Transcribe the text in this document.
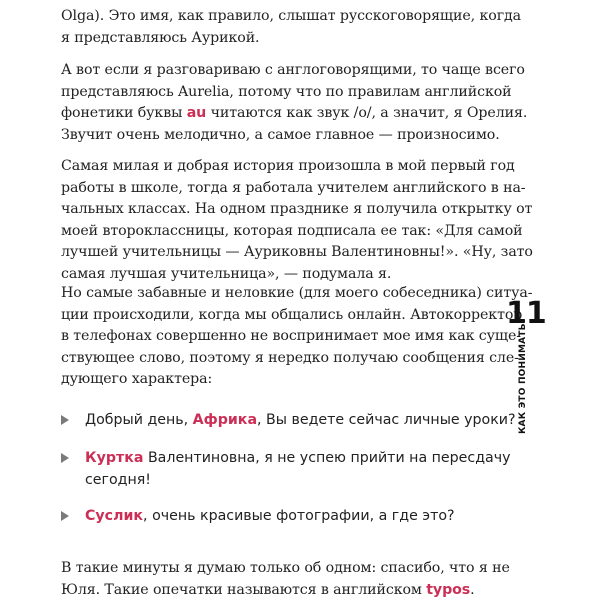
Olga). Это имя, как правило, слышат русскоговорящие, когда
я представляюсь Аурикой.
А вот если я разговариваю с англоговорящими, то чаще всего
представляюсь Aurelia, потому что по правилам английской
фонетики буквы au читаются как звук /о/, а значит, я Орелия.
Звучит очень мелодично, а самое главное — произносимо.
Самая милая и добрая история произошла в мой первый год
работы в школе, тогда я работала учителем английского в на-
чальных классах. На одном празднике я получила открытку от
моей второклассницы, которая подписала ее так: «Для самой
лучшей учительницы — Ауриковны Валентиновны!». «Ну, зато
самая лучшая учительница», — подумала я.
Но самые забавные и неловкие (для моего собеседника) ситуа-
ции происходили, когда мы общались онлайн. Автокорректор
в телефонах совершенно не воспринимает мое имя как суще-
ствующее слово, поэтому я нередко получаю сообщения сле-
дующего характера:
Добрый день, Африка, Вы ведете сейчас личные уроки?
Куртка Валентиновна, я не успею прийти на пересдачу
сегодня!
Суслик, очень красивые фотографии, а где это?
В такие минуты я думаю только об одном: спасибо, что я не
Юля. Такие опечатки называются в английском typos.
11
КАК ЭТО ПОНИМАТЬ?
